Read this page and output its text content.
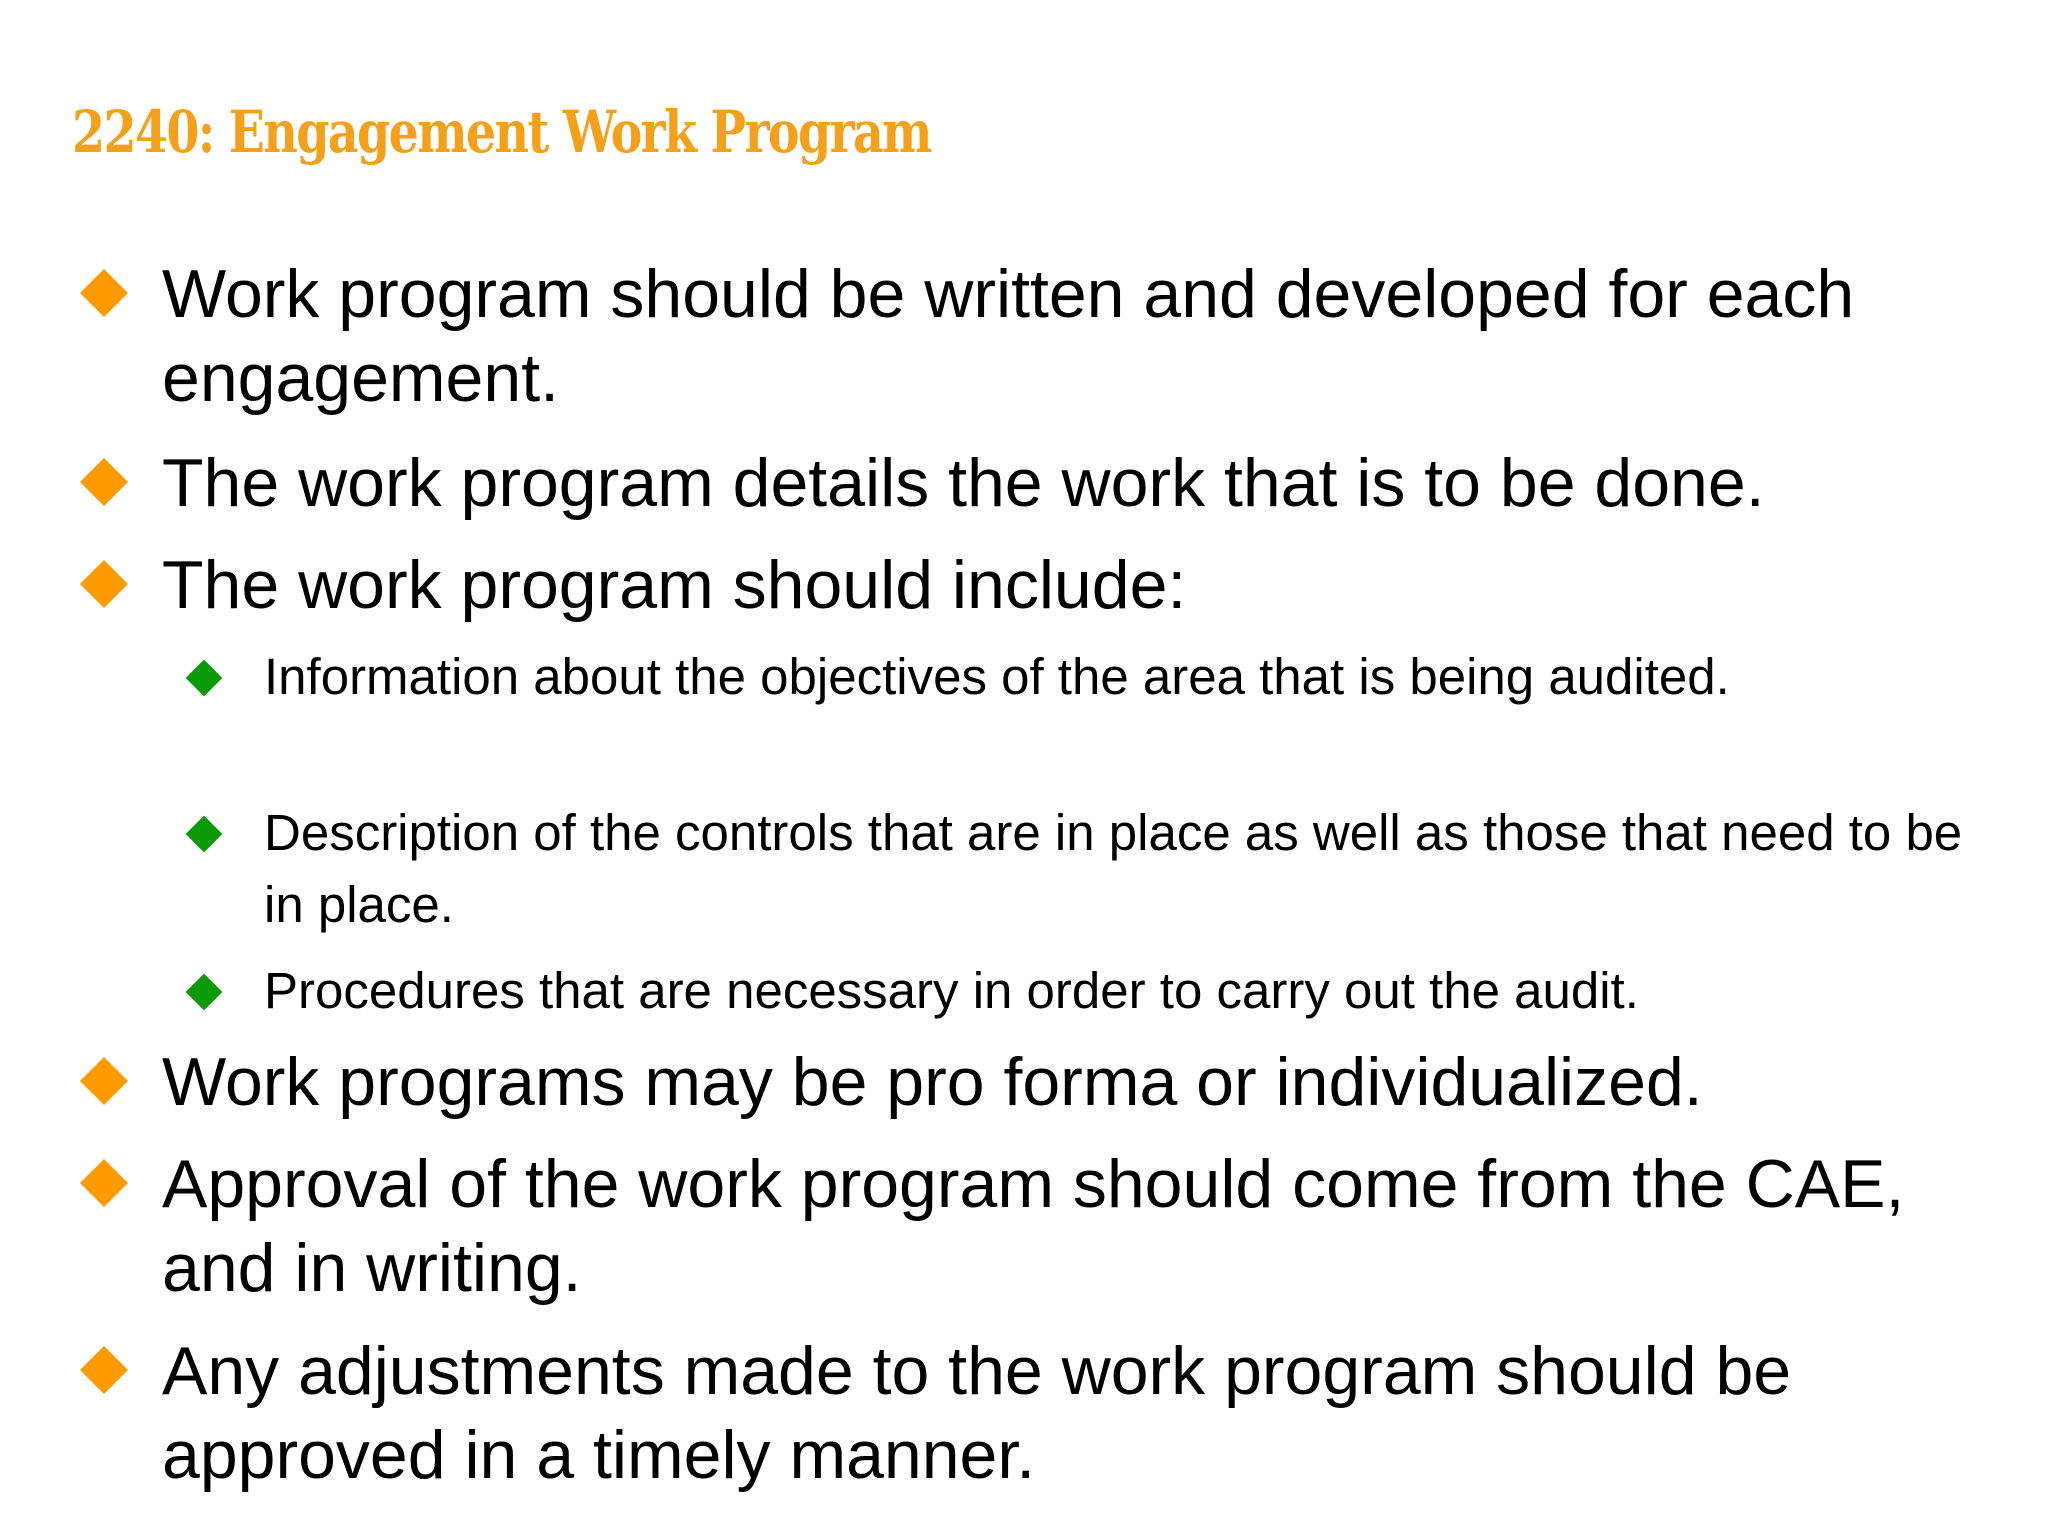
2240: Engagement Work Program
Work program should be written and developed for each engagement.
The work program details the work that is to be done.
The work program should include:
Information about the objectives of the area that is being audited.
Description of the controls that are in place as well as those that need to be in place.
Procedures that are necessary in order to carry out the audit.
Work programs may be pro forma or individualized.
Approval of the work program should come from the CAE, and in writing.
Any adjustments made to the work program should be approved in a timely manner.
